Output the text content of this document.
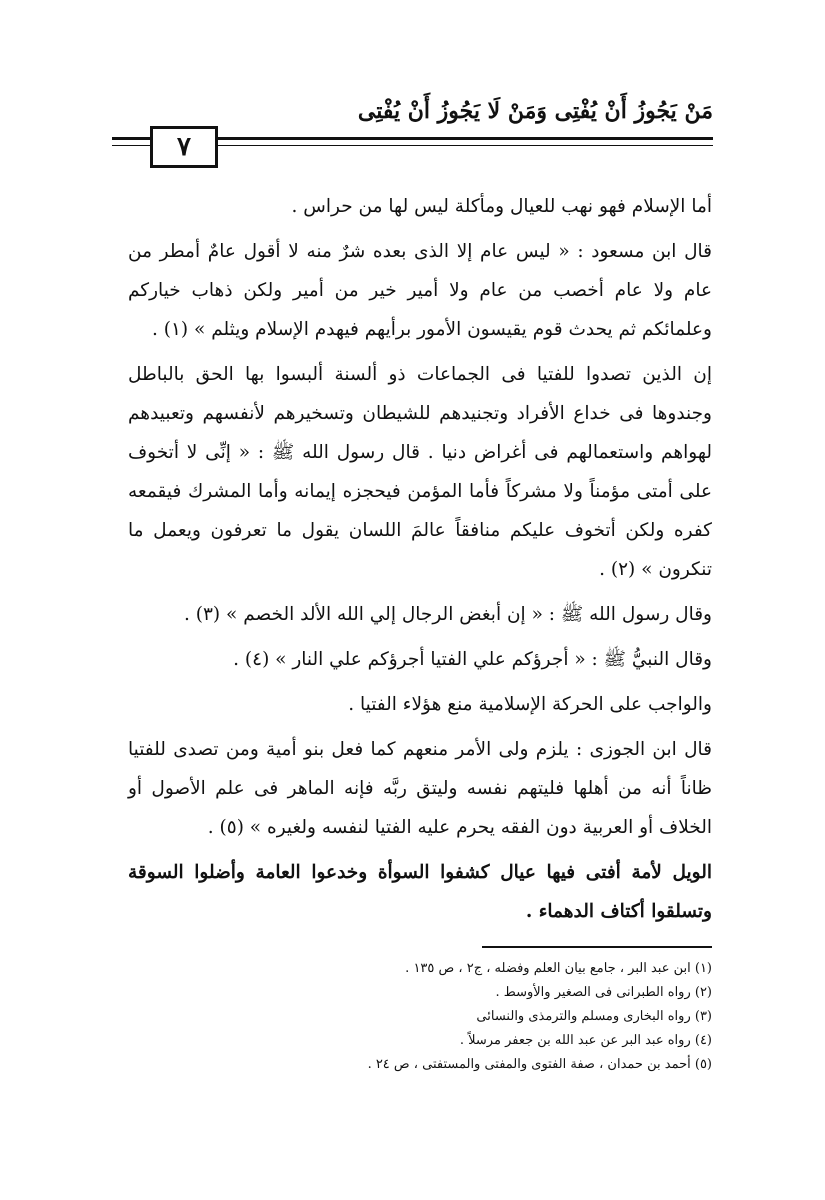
مَنْ يَجُوزُ أَنْ يُفْتِى وَمَنْ لَا يَجُوزُ أَنْ يُفْتِى
٧

أما الإسلام فهو نهب للعيال ومأكلة ليس لها من حراس .

قال ابن مسعود : « ليس عام إلا الذى بعده شرٌ منه لا أقول عامٌ أمطر من عام ولا عام أخصب من عام ولا أمير خير من أمير ولكن ذهاب خياركم وعلمائكم ثم يحدث قوم يقيسون الأمور برأيهم فيهدم الإسلام ويثلم » (١) .

إن الذين تصدوا للفتيا فى الجماعات ذو ألسنة ألبسوا بها الحق بالباطل وجندوها فى خداع الأفراد وتجنيدهم للشيطان وتسخيرهم لأنفسهم وتعبيدهم لهواهم واستعمالهم فى أغراض دنيا . قال رسول الله ﷺ : « إنِّى لا أتخوف على أمتى مؤمناً ولا مشركاً فأما المؤمن فيحجزه إيمانه وأما المشرك فيقمعه كفره ولكن أتخوف عليكم منافقاً عالمَ اللسان يقول ما تعرفون ويعمل ما تنكرون » (٢) .

وقال رسول الله ﷺ : « إن أبغض الرجال إلي الله الألد الخصم » (٣) .

وقال النبيُّ ﷺ : « أجرؤكم علي الفتيا أجرؤكم علي النار » (٤) .

والواجب على الحركة الإسلامية منع هؤلاء الفتيا .

قال ابن الجوزى : يلزم ولى الأمر منعهم كما فعل بنو أمية ومن تصدى للفتيا ظاناً أنه من أهلها فليتهم نفسه وليتق ربَّه فإنه الماهر فى علم الأصول أو الخلاف أو العربية دون الفقه يحرم عليه الفتيا لنفسه ولغيره » (٥) .

الويل لأمة أفتى فيها عيال كشفوا السوأة وخدعوا العامة وأضلوا السوقة وتسلقوا أكتاف الدهماء .

(١) ابن عبد البر ، جامع بيان العلم وفضله ، ج٢ ، ص ١٣٥ .
(٢) رواه الطبرانى فى الصغير والأوسط .
(٣) رواه البخارى ومسلم والترمذى والنسائى
(٤) رواه عبد البر عن عبد الله بن جعفر مرسلاً .
(٥) أحمد بن حمدان ، صفة الفتوى والمفتى والمستفتى ، ص ٢٤ .
